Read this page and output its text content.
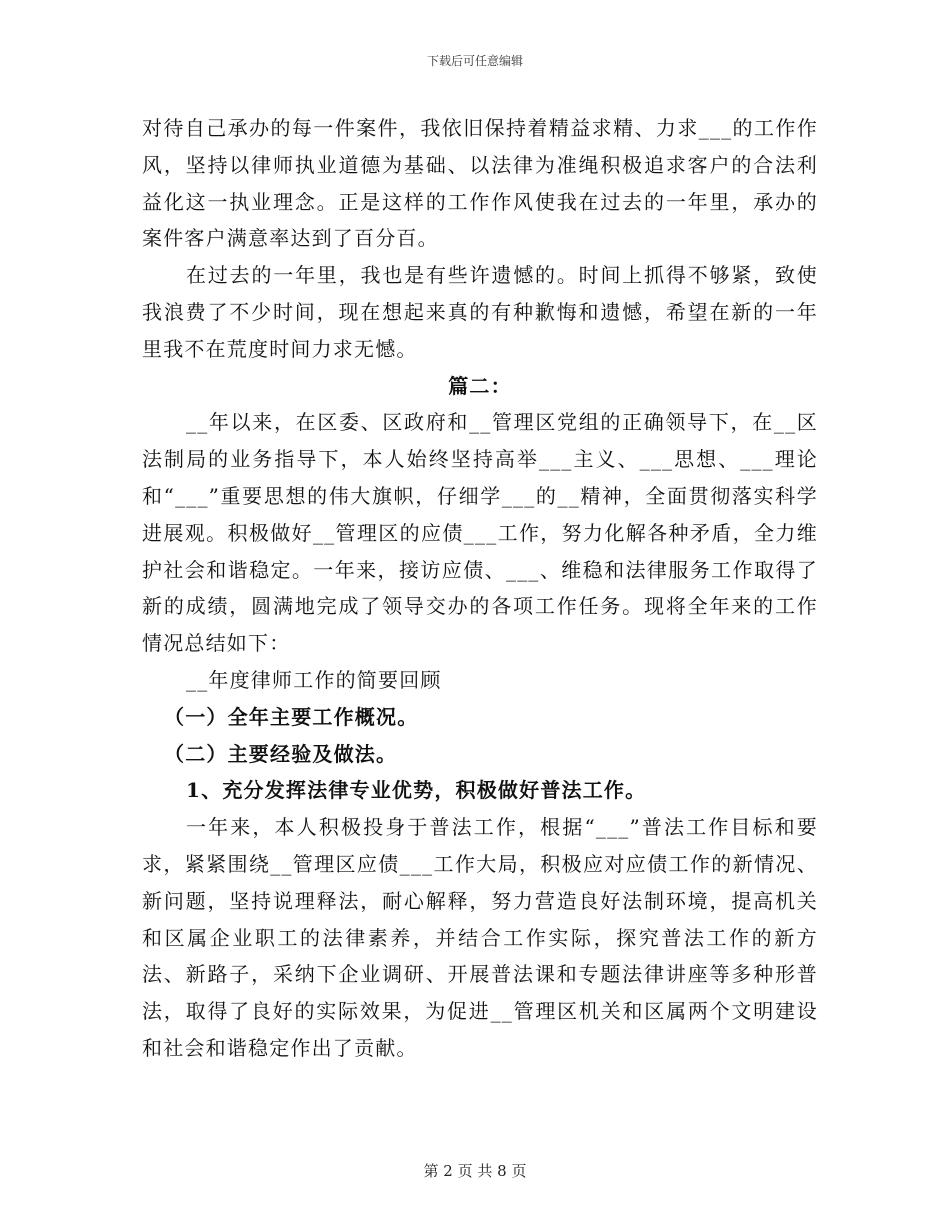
下载后可任意编辑

对待自己承办的每一件案件，我依旧保持着精益求精、力求___的工作作风，坚持以律师执业道德为基础、以法律为准绳积极追求客户的合法利益化这一执业理念。正是这样的工作作风使我在过去的一年里，承办的案件客户满意率达到了百分百。

在过去的一年里，我也是有些许遗憾的。时间上抓得不够紧，致使我浪费了不少时间，现在想起来真的有种歉悔和遗憾，希望在新的一年里我不在荒度时间力求无憾。

篇二：

__年以来，在区委、区政府和__管理区党组的正确领导下，在__区法制局的业务指导下，本人始终坚持高举___主义、___思想、___理论和“___”重要思想的伟大旗帜，仔细学___的__精神，全面贯彻落实科学进展观。积极做好__管理区的应债___工作，努力化解各种矛盾，全力维护社会和谐稳定。一年来，接访应债、___、维稳和法律服务工作取得了新的成绩，圆满地完成了领导交办的各项工作任务。现将全年来的工作情况总结如下：

__年度律师工作的简要回顾

（一）全年主要工作概况。

（二）主要经验及做法。

1、充分发挥法律专业优势，积极做好普法工作。

一年来，本人积极投身于普法工作，根据“___”普法工作目标和要求，紧紧围绕__管理区应债___工作大局，积极应对应债工作的新情况、新问题，坚持说理释法，耐心解释，努力营造良好法制环境，提高机关和区属企业职工的法律素养，并结合工作实际，探究普法工作的新方法、新路子，采纳下企业调研、开展普法课和专题法律讲座等多种形普法，取得了良好的实际效果，为促进__管理区机关和区属两个文明建设和社会和谐稳定作出了贡献。

第 2 页 共 8 页
